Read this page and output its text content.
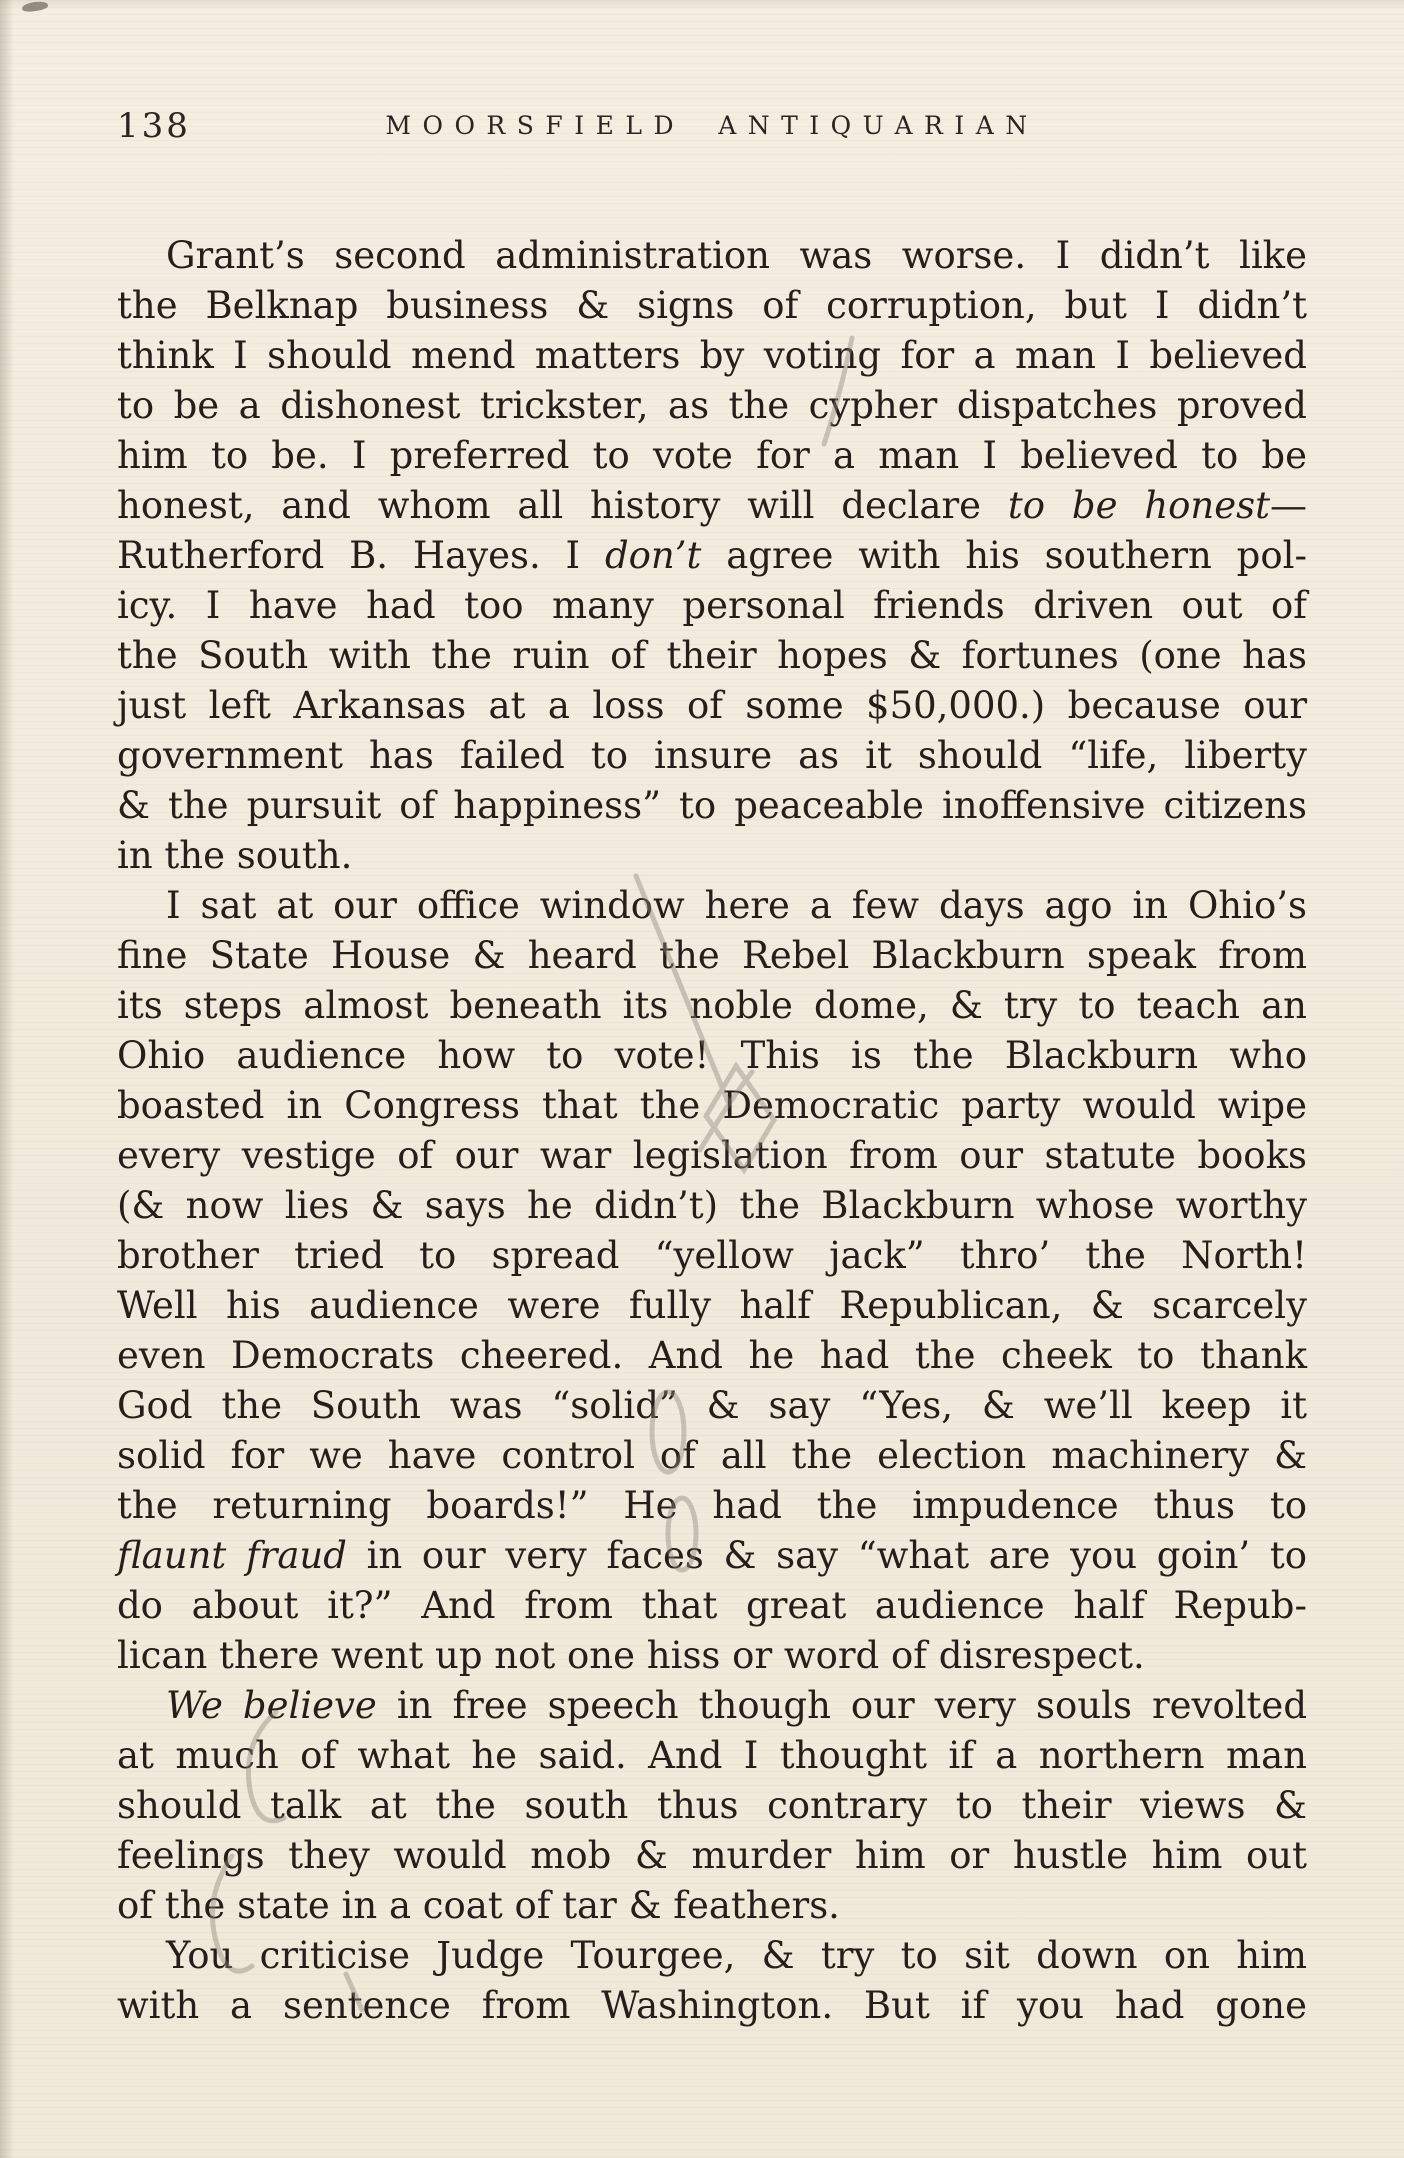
138	MOORSFIELD ANTIQUARIAN
Grant’s second administration was worse. I didn’t like
the Belknap business & signs of corruption, but I didn’t
think I should mend matters by voting for a man I believed
to be a dishonest trickster, as the cypher dispatches proved
him to be. I preferred to vote for a man I believed to be
honest, and whom all history will declare to be honest—
Rutherford B. Hayes. I don’t agree with his southern pol-
icy. I have had too many personal friends driven out of
the South with the ruin of their hopes & fortunes (one has
just left Arkansas at a loss of some $50,000.) because our
government has failed to insure as it should “life, liberty
& the pursuit of happiness” to peaceable inoffensive citizens
in the south.
I sat at our office window here a few days ago in Ohio’s
fine State House & heard the Rebel Blackburn speak from
its steps almost beneath its noble dome, & try to teach an
Ohio audience how to vote! This is the Blackburn who
boasted in Congress that the Democratic party would wipe
every vestige of our war legislation from our statute books
(& now lies & says he didn’t) the Blackburn whose worthy
brother tried to spread “yellow jack” thro’ the North!
Well his audience were fully half Republican, & scarcely
even Democrats cheered. And he had the cheek to thank
God the South was “solid” & say “Yes, & we’ll keep it
solid for we have control of all the election machinery &
the returning boards!” He had the impudence thus to
flaunt fraud in our very faces & say “what are you goin’ to
do about it?” And from that great audience half Repub-
lican there went up not one hiss or word of disrespect.
We believe in free speech though our very souls revolted
at much of what he said. And I thought if a northern man
should talk at the south thus contrary to their views &
feelings they would mob & murder him or hustle him out
of the state in a coat of tar & feathers.
You criticise Judge Tourgee, & try to sit down on him
with a sentence from Washington. But if you had gone
